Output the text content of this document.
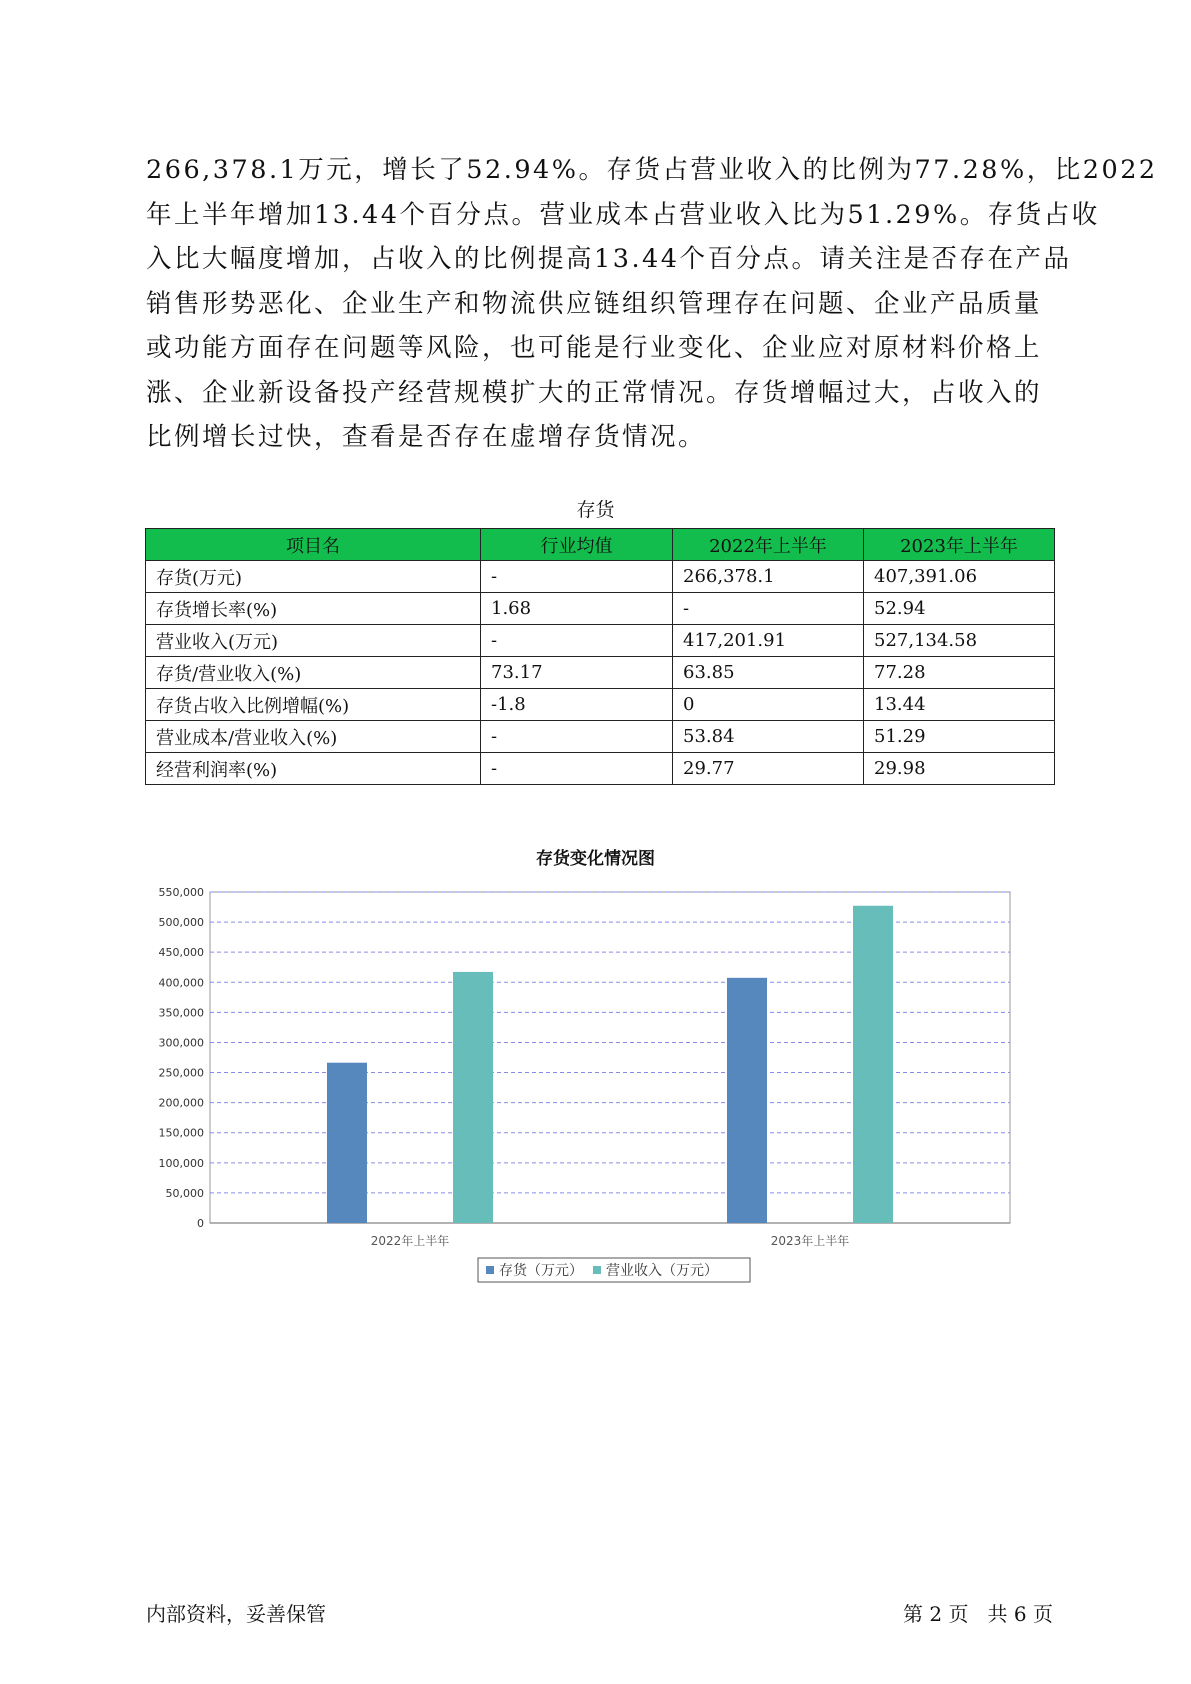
266,378.1万元，增长了52.94%。存货占营业收入的比例为77.28%，比2022
年上半年增加13.44个百分点。营业成本占营业收入比为51.29%。存货占收
入比大幅度增加，占收入的比例提高13.44个百分点。请关注是否存在产品
销售形势恶化、企业生产和物流供应链组织管理存在问题、企业产品质量
或功能方面存在问题等风险，也可能是行业变化、企业应对原材料价格上
涨、企业新设备投产经营规模扩大的正常情况。存货增幅过大，占收入的
比例增长过快，查看是否存在虚增存货情况。
存货
项目名	行业均值	2022年上半年	2023年上半年
存货(万元)	-	266,378.1	407,391.06
存货增长率(%)	1.68	-	52.94
营业收入(万元)	-	417,201.91	527,134.58
存货/营业收入(%)	73.17	63.85	77.28
存货占收入比例增幅(%)	-1.8	0	13.44
营业成本/营业收入(%)	-	53.84	51.29
经营利润率(%)	-	29.77	29.98
存货变化情况图
0
50,000
100,000
150,000
200,000
250,000
300,000
350,000
400,000
450,000
500,000
550,000
2022年上半年	2023年上半年
存货（万元） 营业收入（万元）
内部资料，妥善保管	第 2 页   共 6 页
